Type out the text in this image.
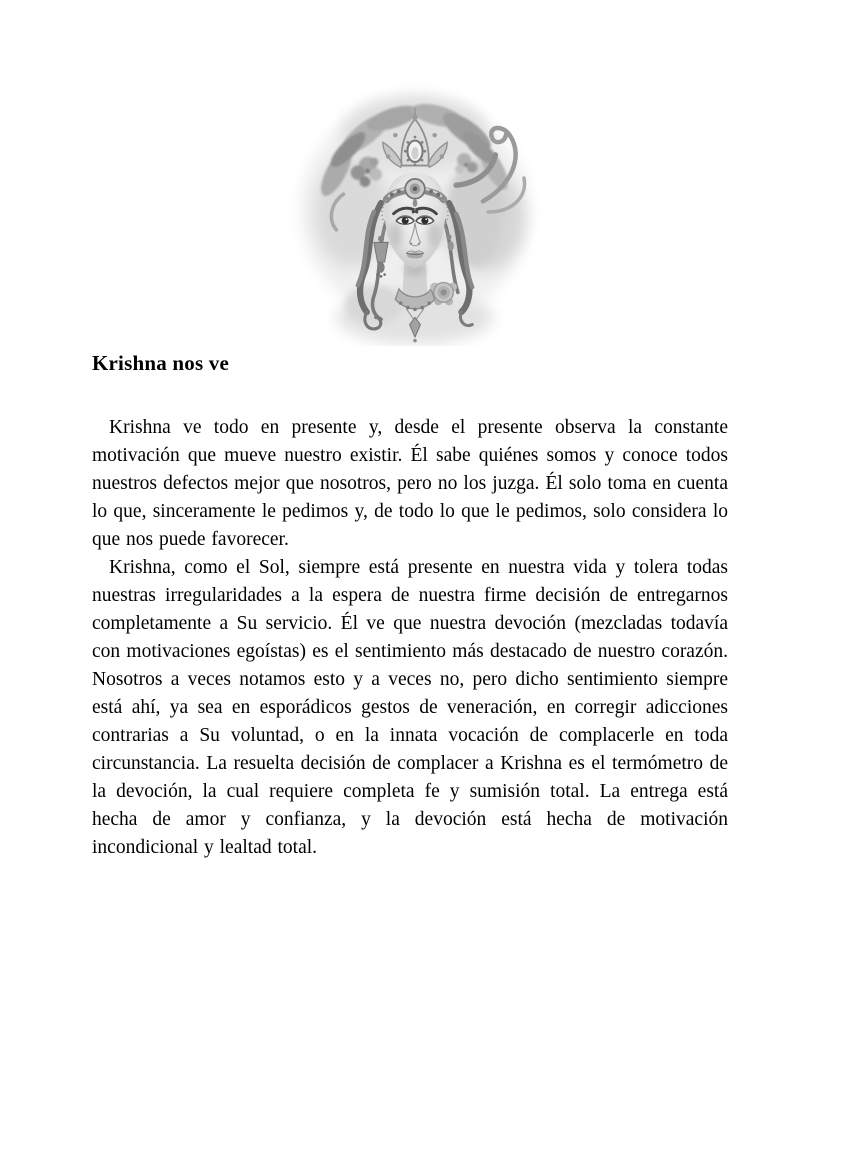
Krishna nos ve

Krishna ve todo en presente y, desde el presente observa la constante motivación que mueve nuestro existir. Él sabe quiénes somos y conoce todos nuestros defectos mejor que nosotros, pero no los juzga. Él solo toma en cuenta lo que, sinceramente le pedimos y, de todo lo que le pedimos, solo considera lo que nos puede favorecer.

Krishna, como el Sol, siempre está presente en nuestra vida y tolera todas nuestras irregularidades a la espera de nuestra firme decisión de entregarnos completamente a Su servicio. Él ve que nuestra devoción (mezcladas todavía con motivaciones egoístas) es el sentimiento más destacado de nuestro corazón. Nosotros a veces notamos esto y a veces no, pero dicho sentimiento siempre está ahí, ya sea en esporádicos gestos de veneración, en corregir adicciones contrarias a Su voluntad, o en la innata vocación de complacerle en toda circunstancia. La resuelta decisión de complacer a Krishna es el termómetro de la devoción, la cual requiere completa fe y sumisión total. La entrega está hecha de amor y confianza, y la devoción está hecha de motivación incondicional y lealtad total.
